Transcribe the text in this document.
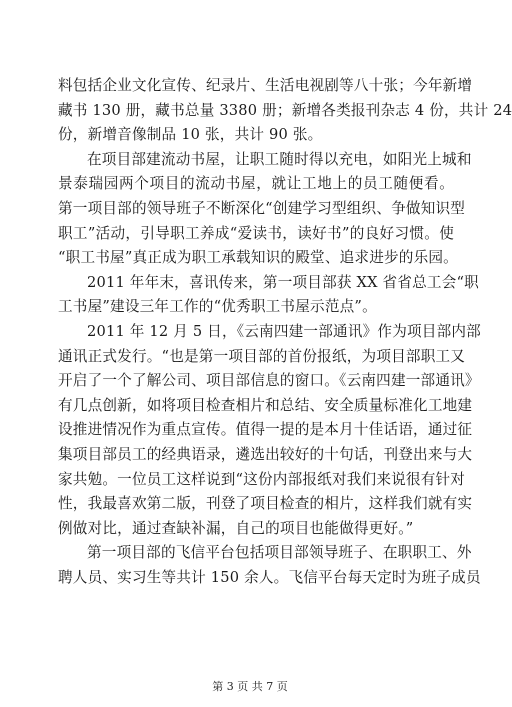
料包括企业文化宣传、纪录片、生活电视剧等八十张；今年新增
藏书 130 册，藏书总量 3380 册；新增各类报刊杂志 4 份，共计 24
份，新增音像制品 10 张，共计 90 张。
在项目部建流动书屋，让职工随时得以充电，如阳光上城和
景泰瑞园两个项目的流动书屋，就让工地上的员工随便看。
第一项目部的领导班子不断深化“创建学习型组织、争做知识型
职工”活动，引导职工养成“爱读书，读好书”的良好习惯。使
“职工书屋”真正成为职工承载知识的殿堂、追求进步的乐园。
2011 年年末，喜讯传来，第一项目部获 XX 省省总工会“职
工书屋”建设三年工作的“优秀职工书屋示范点”。
2011 年 12 月 5 日，《云南四建一部通讯》作为项目部内部
通讯正式发行。“也是第一项目部的首份报纸，为项目部职工又
开启了一个了解公司、项目部信息的窗口。《云南四建一部通讯》
有几点创新，如将项目检查相片和总结、安全质量标准化工地建
设推进情况作为重点宣传。值得一提的是本月十佳话语，通过征
集项目部员工的经典语录，遴选出较好的十句话，刊登出来与大
家共勉。一位员工这样说到“这份内部报纸对我们来说很有针对
性，我最喜欢第二版，刊登了项目检查的相片，这样我们就有实
例做对比，通过查缺补漏，自己的项目也能做得更好。”
第一项目部的飞信平台包括项目部领导班子、在职职工、外
聘人员、实习生等共计 150 余人。飞信平台每天定时为班子成员
第 3 页 共 7 页
